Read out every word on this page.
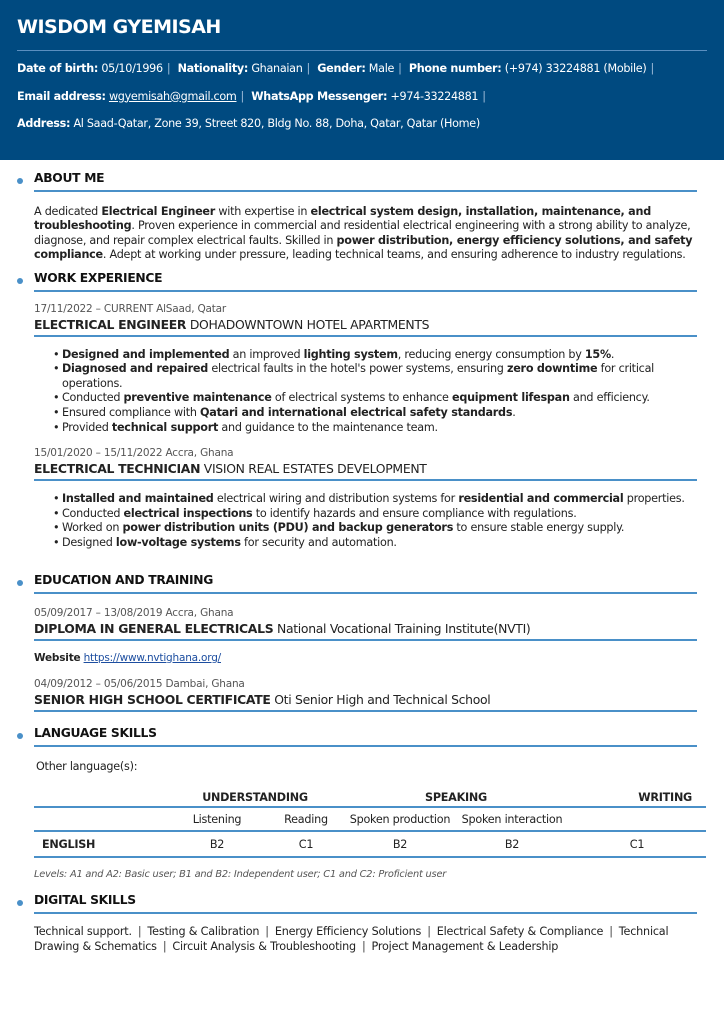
WISDOM GYEMISAH
Date of birth: 05/10/1996 | Nationality: Ghanaian | Gender: Male | Phone number: (+974) 33224881 (Mobile) |
Email address: wgyemisah@gmail.com | WhatsApp Messenger: +974-33224881 |
Address: Al Saad-Qatar, Zone 39, Street 820, Bldg No. 88, Doha, Qatar, Qatar (Home)
ABOUT ME
A dedicated Electrical Engineer with expertise in electrical system design, installation, maintenance, and troubleshooting. Proven experience in commercial and residential electrical engineering with a strong ability to analyze, diagnose, and repair complex electrical faults. Skilled in power distribution, energy efficiency solutions, and safety compliance. Adept at working under pressure, leading technical teams, and ensuring adherence to industry regulations.
WORK EXPERIENCE
17/11/2022 – CURRENT AlSaad, Qatar
ELECTRICAL ENGINEER DOHADOWNTOWN HOTEL APARTMENTS
• Designed and implemented an improved lighting system, reducing energy consumption by 15%.
• Diagnosed and repaired electrical faults in the hotel's power systems, ensuring zero downtime for critical operations.
• Conducted preventive maintenance of electrical systems to enhance equipment lifespan and efficiency.
• Ensured compliance with Qatari and international electrical safety standards.
• Provided technical support and guidance to the maintenance team.
15/01/2020 – 15/11/2022 Accra, Ghana
ELECTRICAL TECHNICIAN VISION REAL ESTATES DEVELOPMENT
• Installed and maintained electrical wiring and distribution systems for residential and commercial properties.
• Conducted electrical inspections to identify hazards and ensure compliance with regulations.
• Worked on power distribution units (PDU) and backup generators to ensure stable energy supply.
• Designed low-voltage systems for security and automation.
EDUCATION AND TRAINING
05/09/2017 – 13/08/2019 Accra, Ghana
DIPLOMA IN GENERAL ELECTRICALS National Vocational Training Institute(NVTI)
Website https://www.nvtighana.org/
04/09/2012 – 05/06/2015 Dambai, Ghana
SENIOR HIGH SCHOOL CERTIFICATE Oti Senior High and Technical School
LANGUAGE SKILLS
Other language(s):
	UNDERSTANDING		SPEAKING		WRITING

	Listening	Reading	Spoken production	Spoken interaction	

ENGLISH	B2	C1	B2	B2	C1

Levels: A1 and A2: Basic user; B1 and B2: Independent user; C1 and C2: Proficient user
DIGITAL SKILLS
Technical support. | Testing & Calibration | Energy Efficiency Solutions | Electrical Safety & Compliance | Technical Drawing & Schematics | Circuit Analysis & Troubleshooting | Project Management & Leadership
